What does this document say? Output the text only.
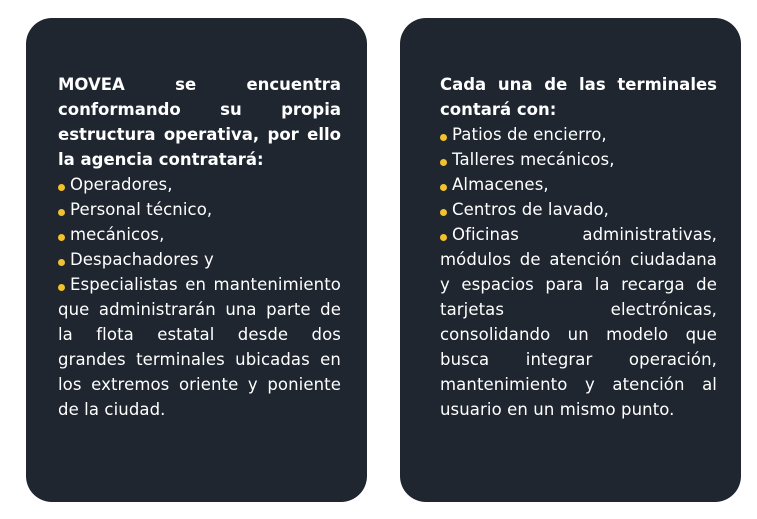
MOVEA se encuentra conformando su propia estructura operativa, por ello la agencia contratará:

Operadores,
Personal técnico,
mecánicos,
Despachadores y
Especialistas en mantenimiento que administrarán una parte de la flota estatal desde dos grandes terminales ubicadas en los extremos oriente y poniente de la ciudad.

Cada una de las terminales contará con:

Patios de encierro,
Talleres mecánicos,
Almacenes,
Centros de lavado,
Oficinas administrativas, módulos de atención ciudadana y espacios para la recarga de tarjetas electrónicas, consolidando un modelo que busca integrar operación, mantenimiento y atención al usuario en un mismo punto.
